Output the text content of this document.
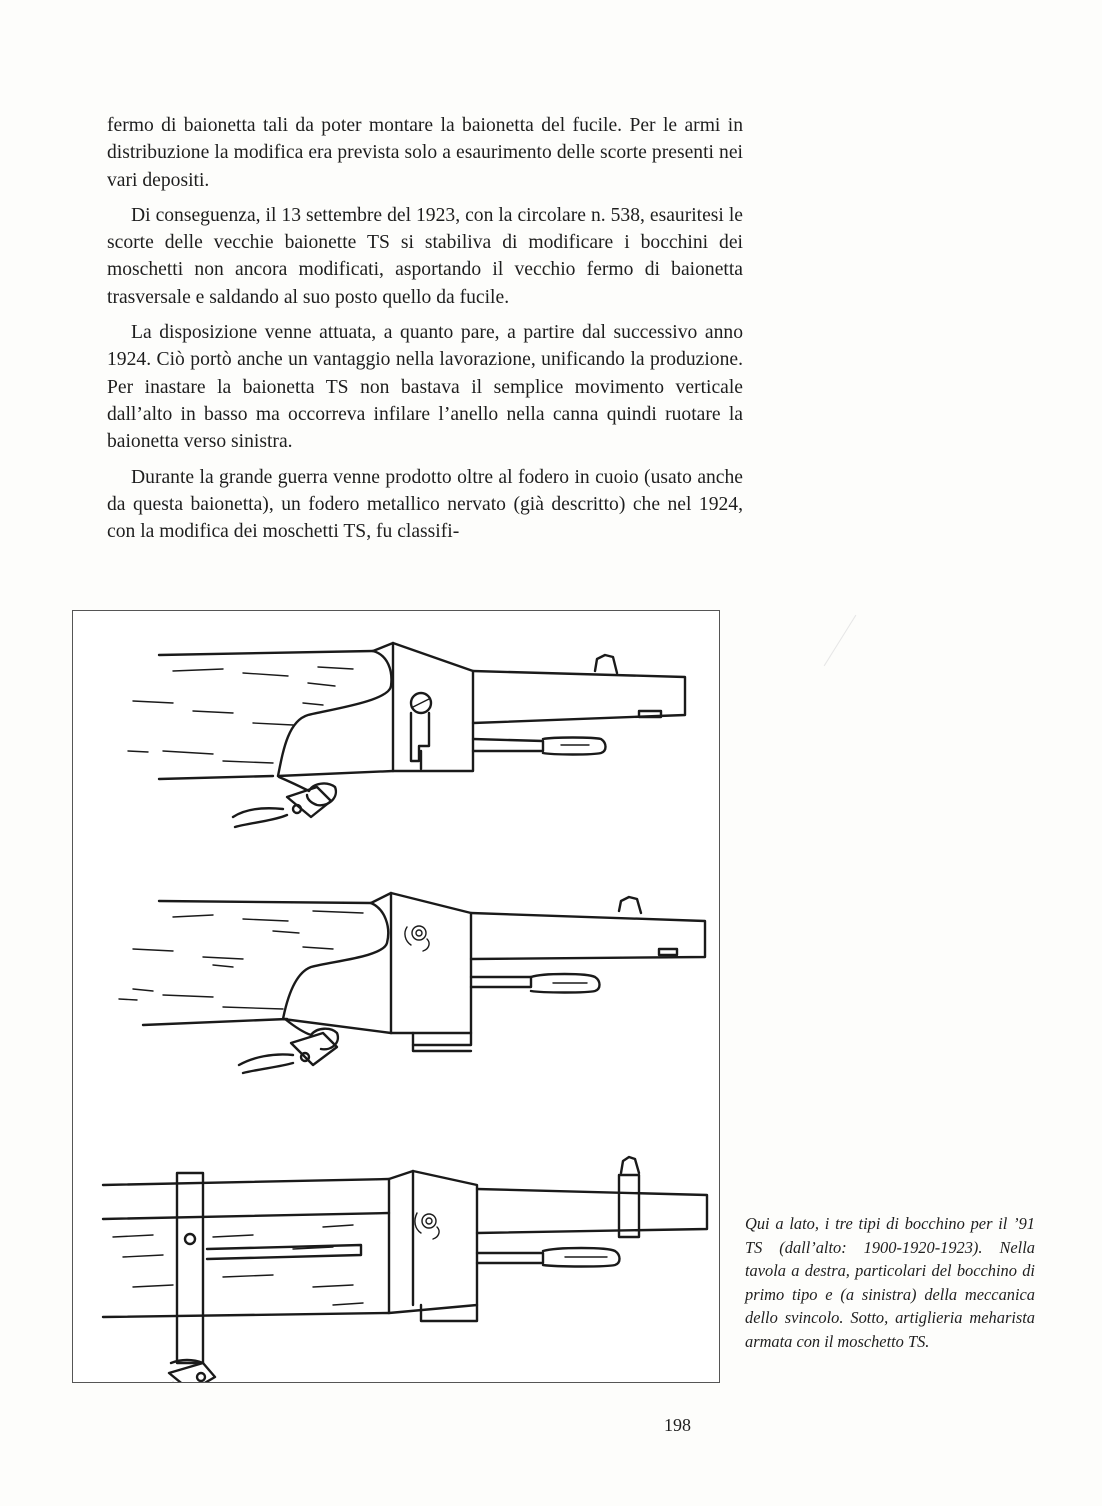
fermo di baionetta tali da poter montare la baionetta del fucile. Per le armi in distribuzione la modifica era prevista solo a esaurimento delle scorte presenti nei vari depositi.

Di conseguenza, il 13 settembre del 1923, con la circolare n. 538, esauritesi le scorte delle vecchie baionette TS si stabiliva di modificare i bocchini dei moschetti non ancora modificati, asportando il vecchio fermo di baionetta trasversale e saldando al suo posto quello da fucile.

La disposizione venne attuata, a quanto pare, a partire dal successivo anno 1924. Ciò portò anche un vantaggio nella lavorazione, unificando la produzione. Per inastare la baionetta TS non bastava il semplice movimento verticale dall’alto in basso ma occorreva infilare l’anello nella canna quindi ruotare la baionetta verso sinistra.

Durante la grande guerra venne prodotto oltre al fodero in cuoio (usato anche da questa baionetta), un fodero metallico nervato (già descritto) che nel 1924, con la modifica dei moschetti TS, fu classifi-

Qui a lato, i tre tipi di bocchino per il ’91 TS (dall’alto: 1900-1920-1923). Nella tavola a destra, particolari del bocchino di primo tipo e (a sinistra) della meccanica dello svincolo. Sotto, artiglieria meharista armata con il moschetto TS.

198
